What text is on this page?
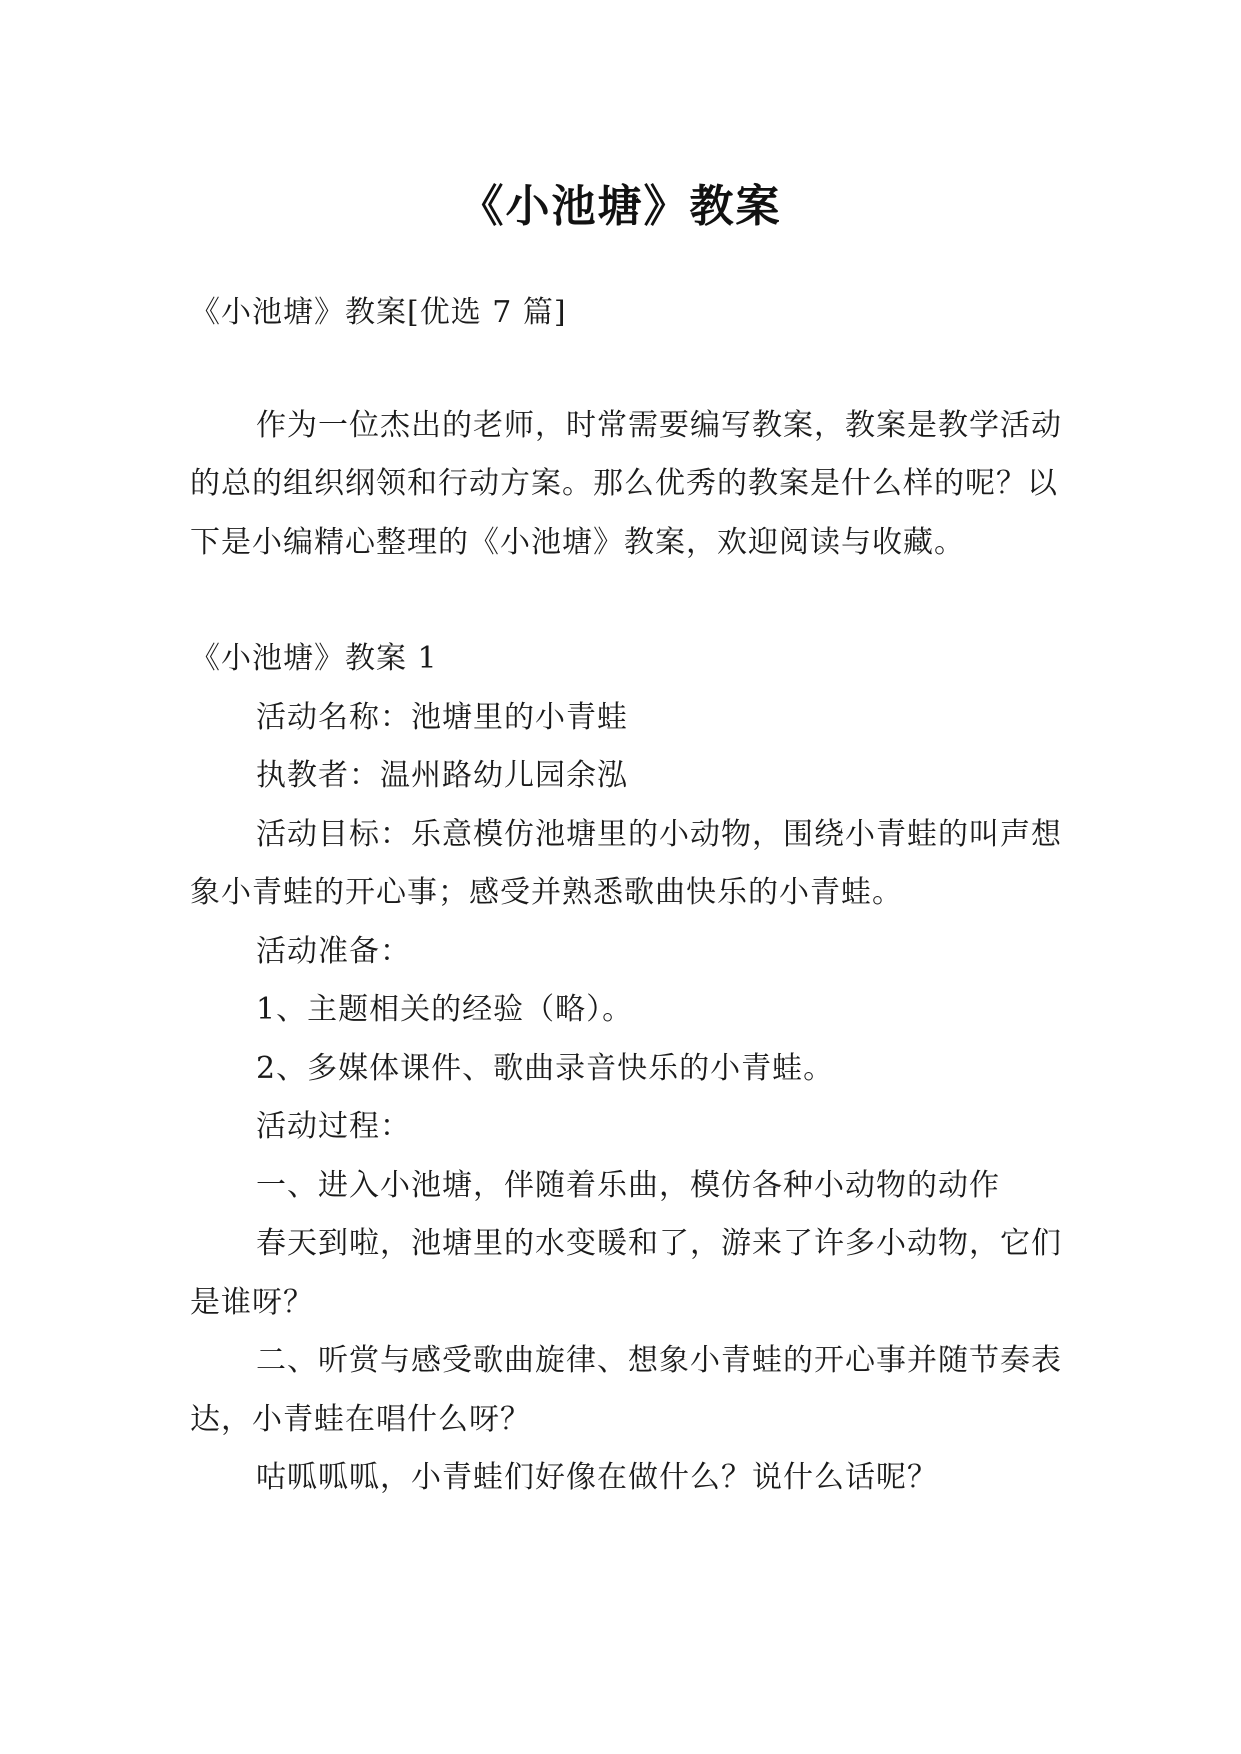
《小池塘》教案

《小池塘》教案[优选 7 篇]

作为一位杰出的老师，时常需要编写教案，教案是教学活动的总的组织纲领和行动方案。那么优秀的教案是什么样的呢？以下是小编精心整理的《小池塘》教案，欢迎阅读与收藏。

《小池塘》教案 1

活动名称：池塘里的小青蛙

执教者：温州路幼儿园余泓

活动目标：乐意模仿池塘里的小动物，围绕小青蛙的叫声想象小青蛙的开心事；感受并熟悉歌曲快乐的小青蛙。

活动准备：

1、主题相关的经验（略）。

2、多媒体课件、歌曲录音快乐的小青蛙。

活动过程：

一、进入小池塘，伴随着乐曲，模仿各种小动物的动作

春天到啦，池塘里的水变暖和了，游来了许多小动物，它们是谁呀？

二、听赏与感受歌曲旋律、想象小青蛙的开心事并随节奏表达，小青蛙在唱什么呀？

咕呱呱呱，小青蛙们好像在做什么？说什么话呢？
